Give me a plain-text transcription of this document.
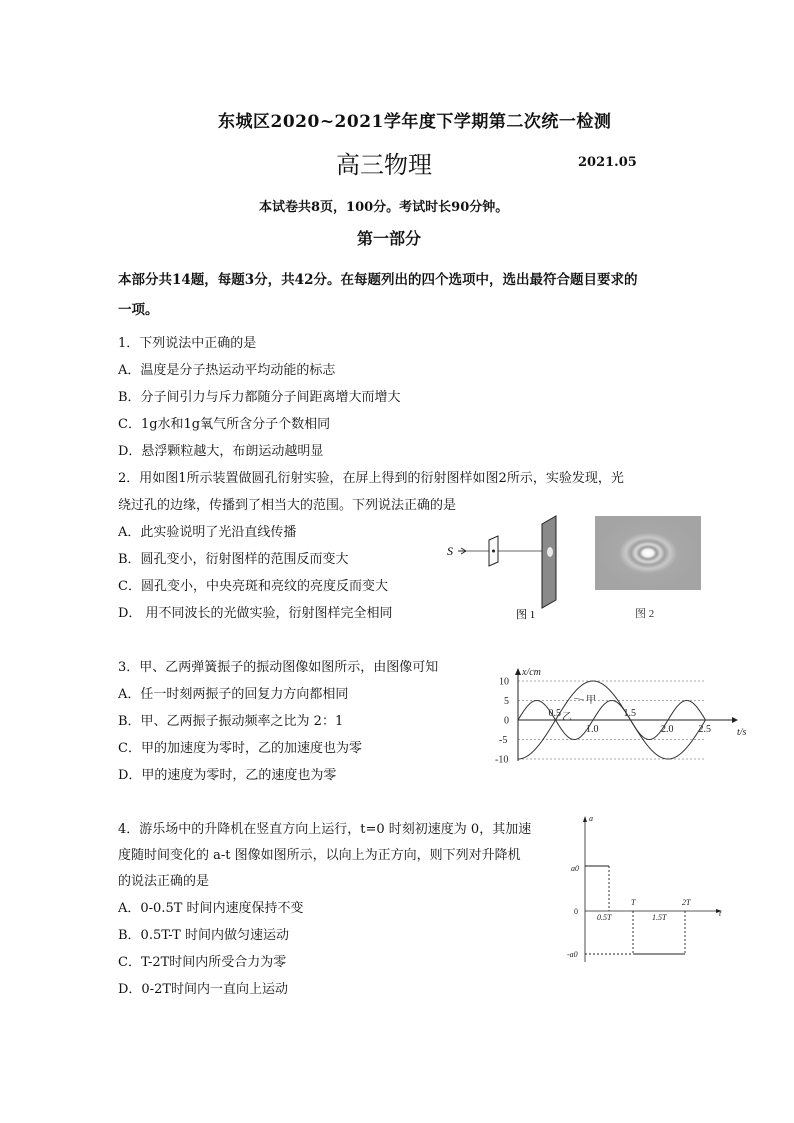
东城区2020~2021学年度下学期第二次统一检测
高三物理	2021.05
本试卷共8页，100分。考试时长90分钟。
第一部分
本部分共14题，每题3分，共42分。在每题列出的四个选项中，选出最符合题目要求的
一项。
1．下列说法中正确的是
A．温度是分子热运动平均动能的标志
B．分子间引力与斥力都随分子间距离增大而增大
C．1g水和1g氧气所含分子个数相同
D．悬浮颗粒越大，布朗运动越明显
2．用如图1所示装置做圆孔衍射实验，在屏上得到的衍射图样如图2所示，实验发现，光
绕过孔的边缘，传播到了相当大的范围。下列说法正确的是
A．此实验说明了光沿直线传播
B．圆孔变小，衍射图样的范围反而变大
C．圆孔变小，中央亮斑和亮纹的亮度反而变大
D． 用不同波长的光做实验，衍射图样完全相同
S
图 1	图 2
3．甲、乙两弹簧振子的振动图像如图所示，由图像可知
A．任一时刻两振子的回复力方向都相同
B．甲、乙两振子振动频率之比为 2：1
C．甲的加速度为零时，乙的加速度也为零
D．甲的速度为零时，乙的速度也为零
x/cm
t/s
10
5
0
-5
-10
0.5
1.0
1.5
2.0	2.5
甲
乙
4．游乐场中的升降机在竖直方向上运行，t=0 时刻初速度为 0，其加速
度随时间变化的 a-t 图像如图所示，以向上为正方向，则下列对升降机
的说法正确的是
A．0-0.5T 时间内速度保持不变
B．0.5T-T 时间内做匀速运动
C．T-2T时间内所受合力为零
D．0-2T时间内一直向上运动
a
t
a0
0
-a0
0.5T
T
1.5T
2T
